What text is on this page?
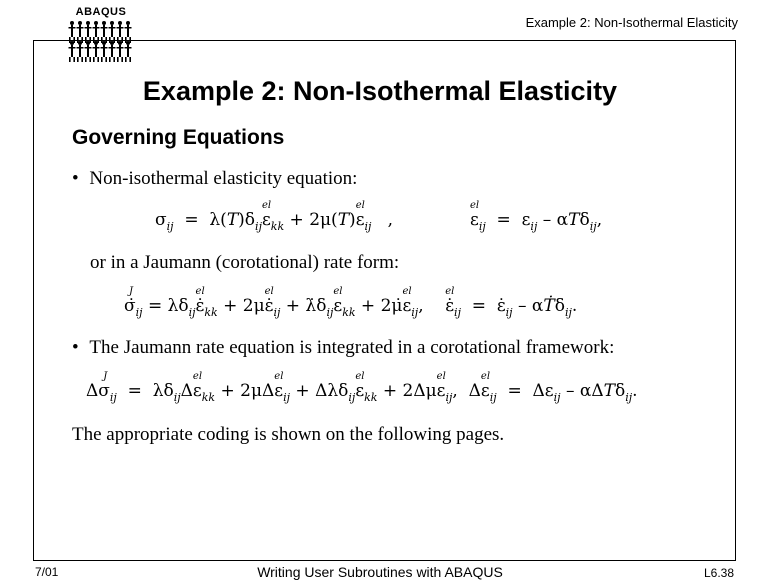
ABAQUS
Example 2: Non-Isothermal Elasticity
Example 2: Non-Isothermal Elasticity
Governing Equations
• Non-isothermal elasticity equation:
σij  =  λ(T)δijε
el
kk + 2μ(T)ε
el
ij   ,	ε
el
ij  =  εij – αTδij,
or in a Jaumann (corotational) rate form:
σ̇
J
ij = λδijε̇
el
kk + 2με̇
el
ij + λ̇δijε
el
kk + 2μ̇ε
el
ij,    ε̇
el
ij  =  ε̇ij – αṪδij.
• The Jaumann rate equation is integrated in a corotational framework:
Δσ
J
ij  =  λδijΔε
el
kk + 2μΔε
el
ij + Δλδijε
el
kk + 2Δμε
el
ij,  Δε
el
ij  =  Δεij – αΔTδij.
The appropriate coding is shown on the following pages.
7/01	Writing User Subroutines with ABAQUS	L6.38
